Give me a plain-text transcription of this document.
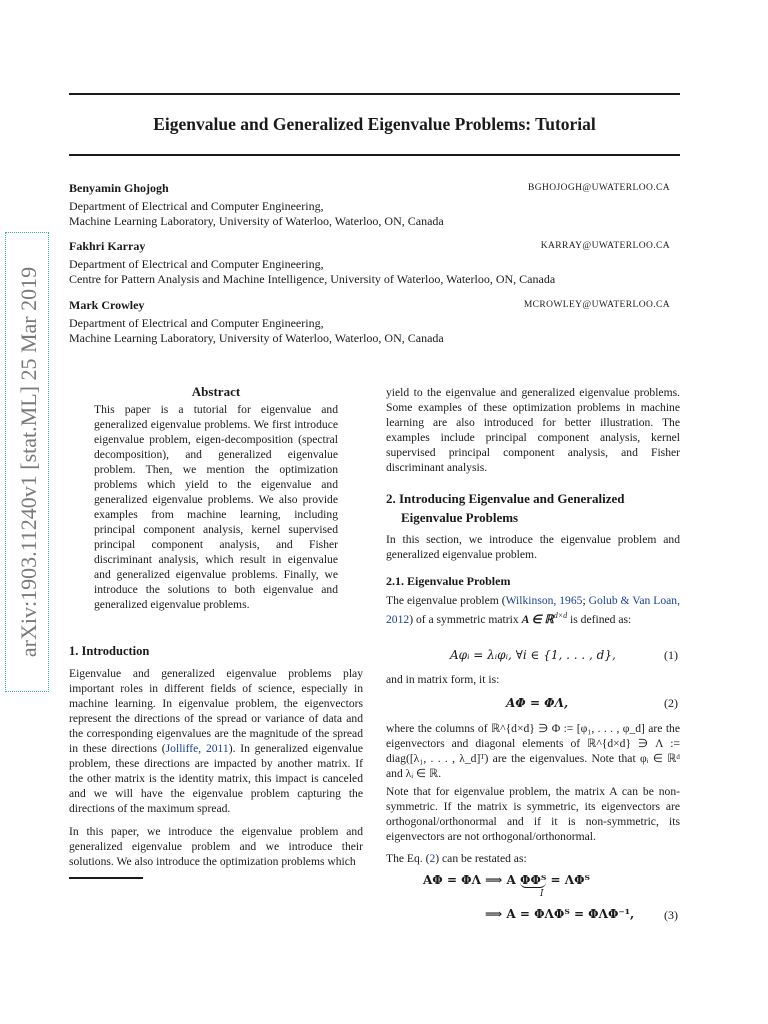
arXiv:1903.11240v1 [stat.ML] 25 Mar 2019
Eigenvalue and Generalized Eigenvalue Problems: Tutorial
Benyamin Ghojogh
Department of Electrical and Computer Engineering,
Machine Learning Laboratory, University of Waterloo, Waterloo, ON, Canada
BGHOJOGH@UWATERLOO.CA
Fakhri Karray
Department of Electrical and Computer Engineering,
Centre for Pattern Analysis and Machine Intelligence, University of Waterloo, Waterloo, ON, Canada
KARRAY@UWATERLOO.CA
Mark Crowley
Department of Electrical and Computer Engineering,
Machine Learning Laboratory, University of Waterloo, Waterloo, ON, Canada
MCROWLEY@UWATERLOO.CA
Abstract
This paper is a tutorial for eigenvalue and generalized eigenvalue problems. We first introduce eigenvalue problem, eigen-decomposition (spectral decomposition), and generalized eigenvalue problem. Then, we mention the optimization problems which yield to the eigenvalue and generalized eigenvalue problems. We also provide examples from machine learning, including principal component analysis, kernel supervised principal component analysis, and Fisher discriminant analysis, which result in eigenvalue and generalized eigenvalue problems. Finally, we introduce the solutions to both eigenvalue and generalized eigenvalue problems.
1. Introduction
Eigenvalue and generalized eigenvalue problems play important roles in different fields of science, especially in machine learning. In eigenvalue problem, the eigenvectors represent the directions of the spread or variance of data and the corresponding eigenvalues are the magnitude of the spread in these directions (Jolliffe, 2011). In generalized eigenvalue problem, these directions are impacted by another matrix. If the other matrix is the identity matrix, this impact is canceled and we will have the eigenvalue problem capturing the directions of the maximum spread.
In this paper, we introduce the eigenvalue problem and generalized eigenvalue problem and we introduce their solutions. We also introduce the optimization problems which
yield to the eigenvalue and generalized eigenvalue problems. Some examples of these optimization problems in machine learning are also introduced for better illustration. The examples include principal component analysis, kernel supervised principal component analysis, and Fisher discriminant analysis.
2. Introducing Eigenvalue and Generalized
Eigenvalue Problems
In this section, we introduce the eigenvalue problem and generalized eigenvalue problem.
2.1. Eigenvalue Problem
The eigenvalue problem (Wilkinson, 1965; Golub & Van Loan, 2012) of a symmetric matrix A ∈ ℝ$^{d\times d}$ is defined as:
Aφᵢ = λᵢφᵢ, ∀i ∈ {1, . . . , d},	(1)
and in matrix form, it is:
AΦ = ΦΛ,	(2)
where the columns of ℝ^{d×d} ∋ Φ := [φ₁, . . . , φ_d] are the eigenvectors and diagonal elements of ℝ^{d×d} ∋ Λ := diag([λ₁, . . . , λ_d]ᵀ) are the eigenvalues. Note that φᵢ ∈ ℝᵈ and λᵢ ∈ ℝ.
Note that for eigenvalue problem, the matrix A can be non-symmetric. If the matrix is symmetric, its eigenvectors are orthogonal/orthonormal and if it is non-symmetric, its eigenvectors are not orthogonal/orthonormal.
The Eq. (2) can be restated as:
AΦ = ΦΛ ⟹ A ΦΦᵀ = ΛΦᵀ
I
⟹ A = ΦΛΦᵀ = ΦΛΦ⁻¹, (3)
